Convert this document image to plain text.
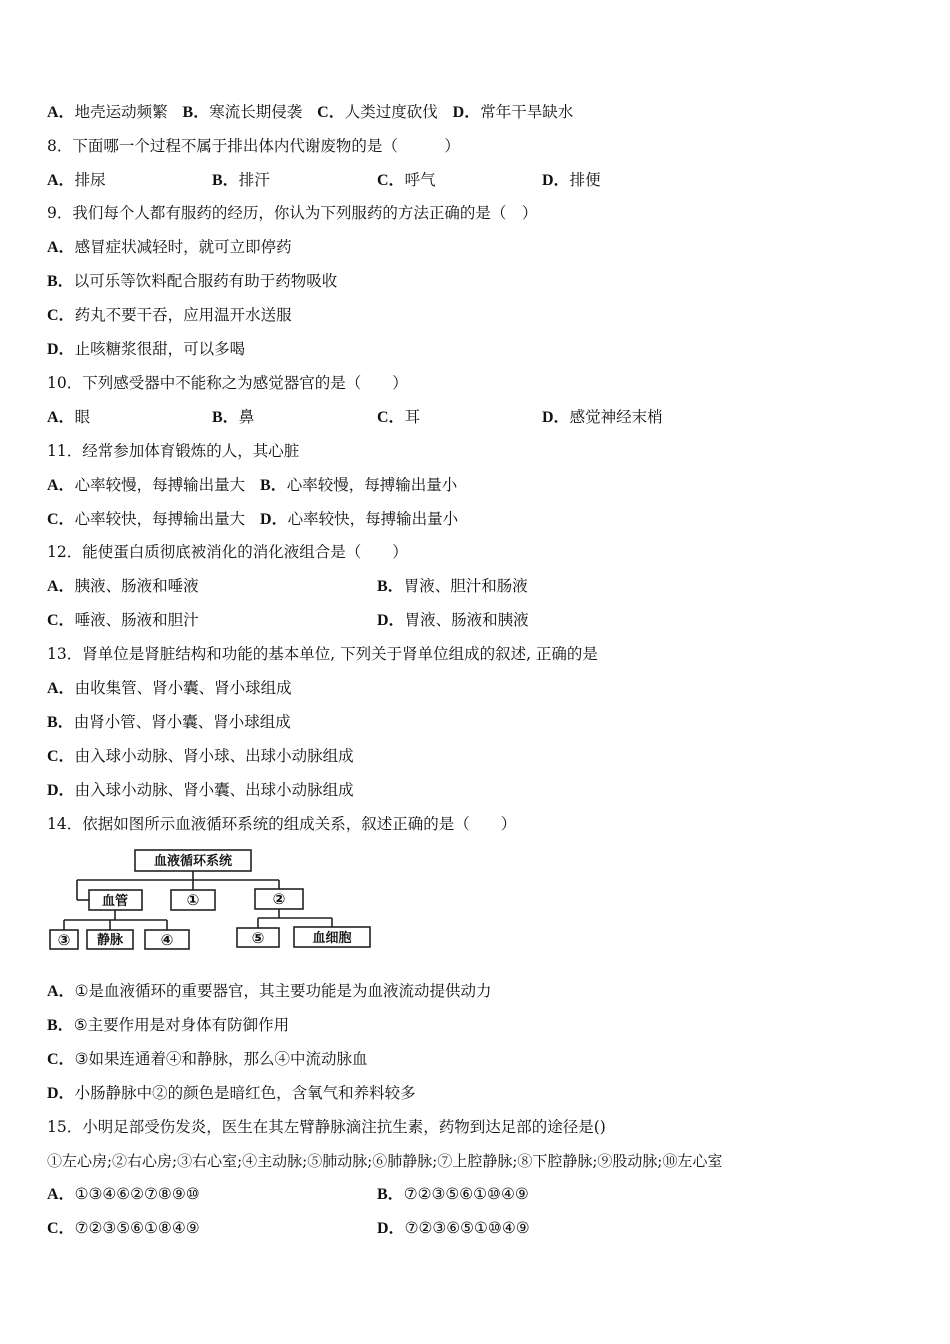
A．地壳运动频繁 B．寒流长期侵袭 C．人类过度砍伐 D．常年干旱缺水
8．下面哪一个过程不属于排出体内代谢废物的是（　　　）
A．排尿	B．排汗	C．呼气	D．排便
9．我们每个人都有服药的经历，你认为下列服药的方法正确的是（　）
A．感冒症状减轻时，就可立即停药
B．以可乐等饮料配合服药有助于药物吸收
C．药丸不要干吞，应用温开水送服
D．止咳糖浆很甜，可以多喝
10．下列感受器中不能称之为感觉器官的是（　　）
A．眼	B．鼻	C．耳	D．感觉神经末梢
11．经常参加体育锻炼的人，其心脏
A．心率较慢，每搏输出量大 B．心率较慢，每搏输出量小
C．心率较快，每搏输出量大 D．心率较快，每搏输出量小
12．能使蛋白质彻底被消化的消化液组合是（　　）
A．胰液、肠液和唾液	B．胃液、胆汁和肠液
C．唾液、肠液和胆汁	D．胃液、肠液和胰液
13．肾单位是肾脏结构和功能的基本单位, 下列关于肾单位组成的叙述, 正确的是
A．由收集管、肾小囊、肾小球组成
B．由肾小管、肾小囊、肾小球组成
C．由入球小动脉、肾小球、出球小动脉组成
D．由入球小动脉、肾小囊、出球小动脉组成
14．依据如图所示血液循环系统的组成关系，叙述正确的是（　　）
血液循环系统
血管	①	②
③ 静脉	④	⑤	血细胞
A．①是血液循环的重要器官，其主要功能是为血液流动提供动力
B．⑤主要作用是对身体有防御作用
C．③如果连通着④和静脉，那么④中流动脉血
D．小肠静脉中②的颜色是暗红色，含氧气和养料较多
15．小明足部受伤发炎，医生在其左臂静脉滴注抗生素，药物到达足部的途径是()
①左心房;②右心房;③右心室;④主动脉;⑤肺动脉;⑥肺静脉;⑦上腔静脉;⑧下腔静脉;⑨股动脉;⑩左心室
A．①③④⑥②⑦⑧⑨⑩	B．⑦②③⑤⑥①⑩④⑨
C．⑦②③⑤⑥①⑧④⑨	D．⑦②③⑥⑤①⑩④⑨
